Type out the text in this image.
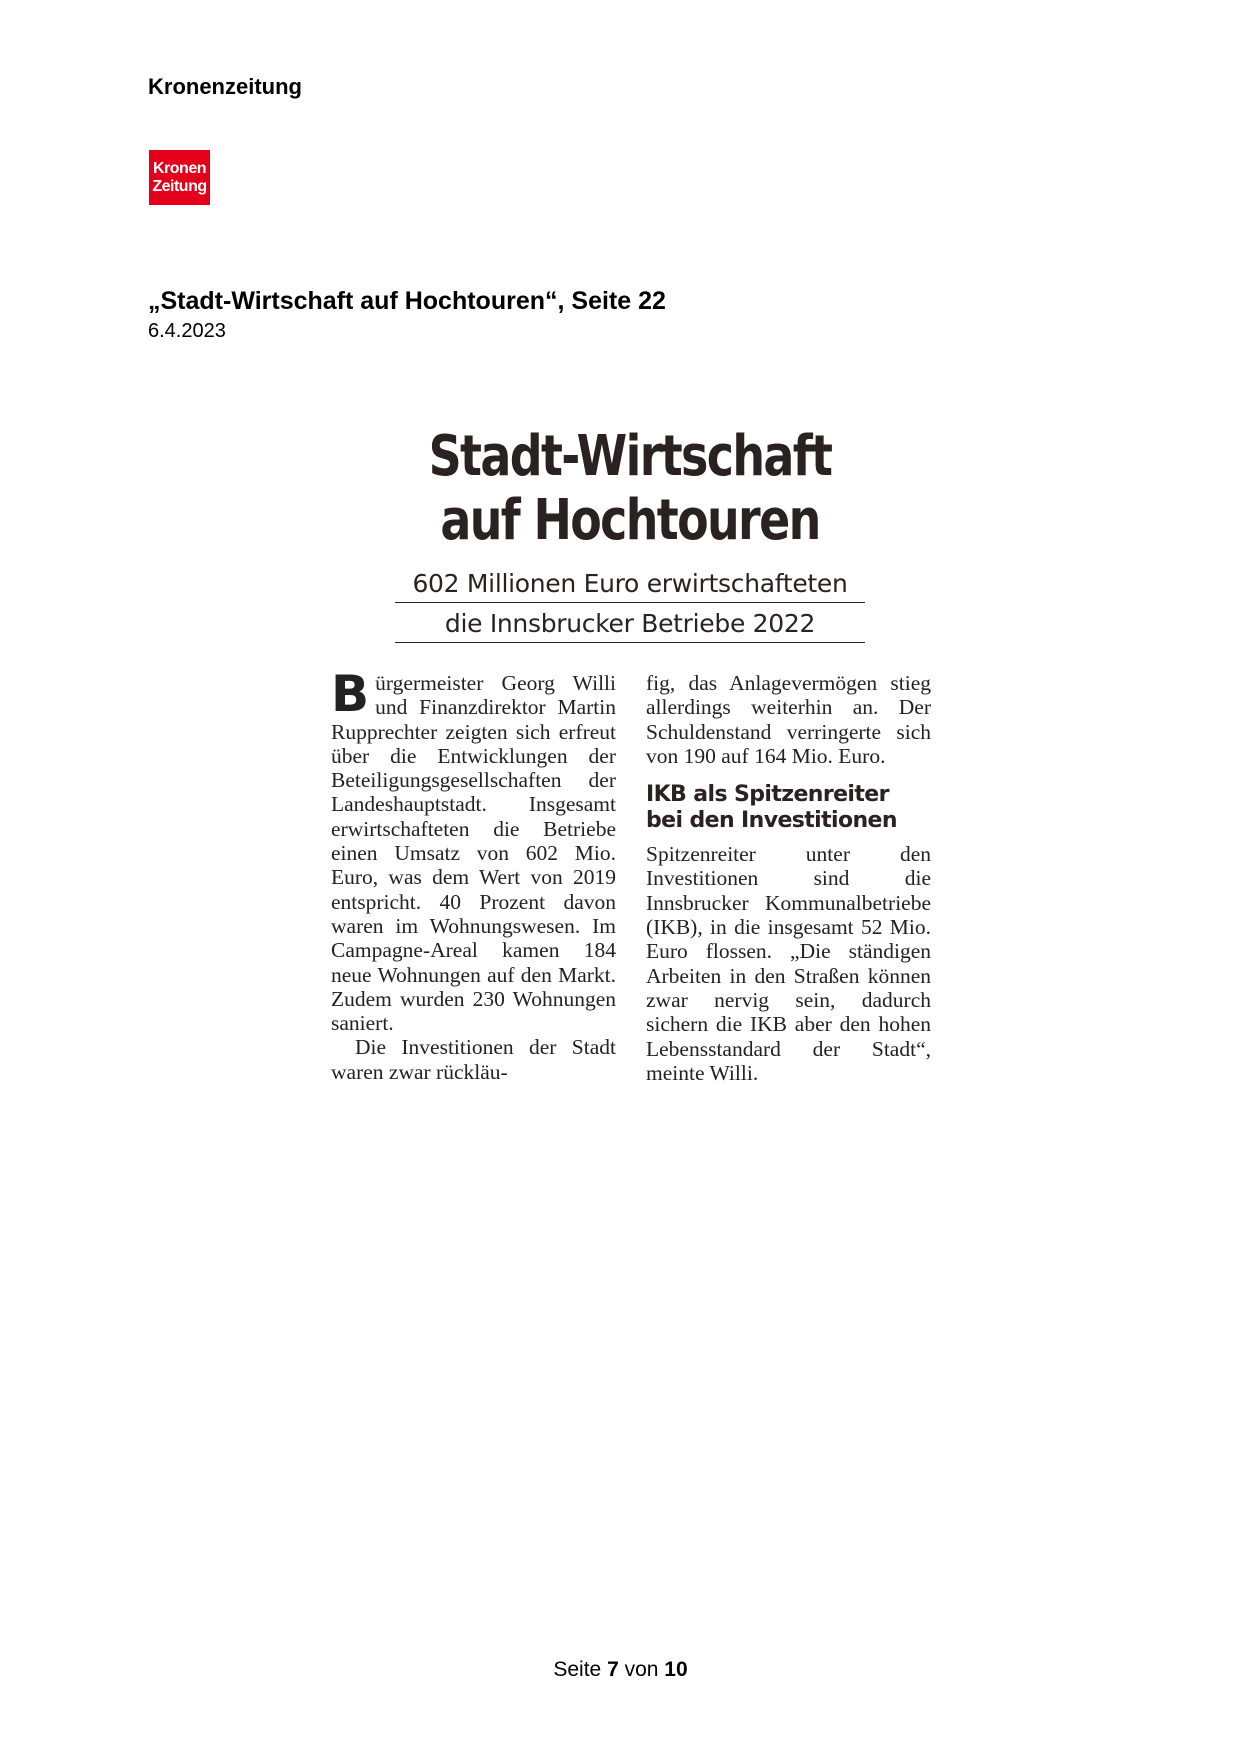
Kronenzeitung
Kronen
Zeitung
„Stadt-Wirtschaft auf Hochtouren“, Seite 22
6.4.2023
Stadt-Wirtschaft
auf Hochtouren
602 Millionen Euro erwirtschafteten
die Innsbrucker Betriebe 2022

Bürgermeister Georg Willi und Finanzdirektor Martin Rupprechter zeigten sich erfreut über die Entwicklungen der Beteiligungsgesellschaften der Landeshauptstadt. Insgesamt erwirtschafteten die Betriebe einen Umsatz von 602 Mio. Euro, was dem Wert von 2019 entspricht. 40 Prozent davon waren im Wohnungswesen. Im Campagne-Areal kamen 184 neue Wohnungen auf den Markt. Zudem wurden 230 Wohnungen saniert.

Die Investitionen der Stadt waren zwar rückläu-

fig, das Anlagevermögen stieg allerdings weiterhin an. Der Schuldenstand verringerte sich von 190 auf 164 Mio. Euro.

IKB als Spitzenreiter
bei den Investitionen

Spitzenreiter unter den Investitionen sind die Innsbrucker Kommunalbetriebe (IKB), in die insgesamt 52 Mio. Euro flossen. „Die ständigen Arbeiten in den Straßen können zwar nervig sein, dadurch sichern die IKB aber den hohen Lebensstandard der Stadt“, meinte Willi.

Seite 7 von 10
